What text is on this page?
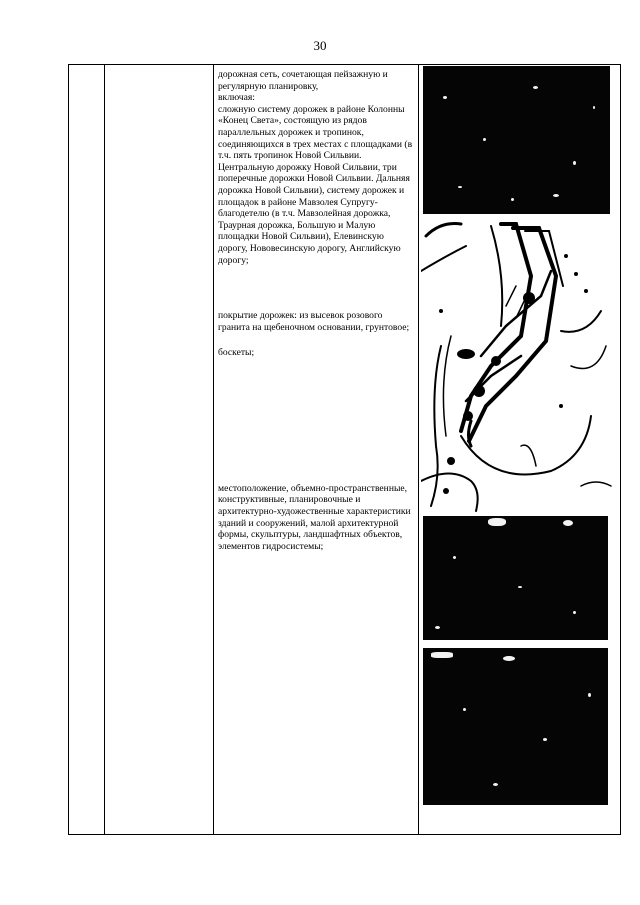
30

дорожная сеть, сочетающая пейзажную и регулярную планировку,

включая:

сложную систему дорожек в районе Колонны «Конец Света», состоящую из рядов параллельных дорожек и тропинок, соединяющихся в трех местах с площадками (в т.ч. пять тропинок Новой Сильвии. Центральную дорожку Новой Сильвии, три поперечные дорожки Новой Сильвии. Дальняя дорожка Новой Сильвии), систему дорожек и площадок в районе Мавзолея Супругу-благодетелю (в т.ч. Мавзолейная дорожка, Траурная дорожка, Большую и Малую площадки Новой Сильвии), Елевинскую дорогу, Нововесинскую дорогу, Английскую дорогу;

покрытие дорожек: из высевок розового гранита на щебеночном основании, грунтовое;

боскеты;

местоположение, объемно-пространственные, конструктивные, планировочные и архитектурно-художественные характеристики зданий и сооружений, малой архитектурной формы, скульптуры, ландшафтных объектов, элементов гидросистемы;
